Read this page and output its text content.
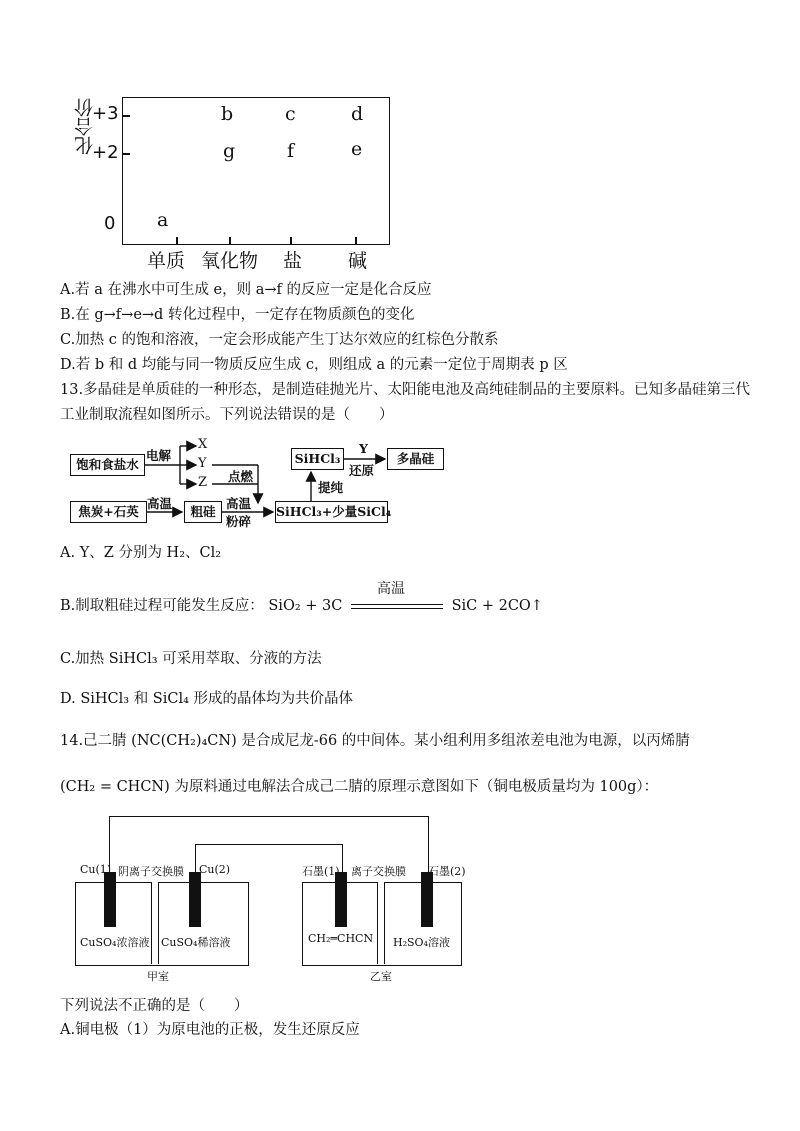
化合价
+3
+2
0
单质 氧化物 盐 碱
b	c	d
g	f	e
a
A.若 a 在沸水中可生成 e，则 a→f 的反应一定是化合反应
B.在 g→f→e→d 转化过程中，一定存在物质颜色的变化
C.加热 c 的饱和溶液，一定会形成能产生丁达尔效应的红棕色分散系
D.若 b 和 d 均能与同一物质反应生成 c，则组成 a 的元素一定位于周期表 p 区
13.多晶硅是单质硅的一种形态，是制造硅抛光片、太阳能电池及高纯硅制品的主要原料。已知多晶硅第三代
工业制取流程如图所示。下列说法错误的是（　　）
饱和食盐水
电解
X
Y
Z 点燃
焦炭+石英
高温
粗硅
高温
粉碎
SiHCl₃+少量SiCl₄
提纯
SiHCl₃
Y
还原
多晶硅
A. Y、Z 分别为 H₂、Cl₂
B.制取粗硅过程可能发生反应： SiO₂ + 3C
高温
SiC + 2CO↑
C.加热 SiHCl₃ 可采用萃取、分液的方法
D. SiHCl₃ 和 SiCl₄ 形成的晶体均为共价晶体
14.己二腈 (NC(CH₂)₄CN) 是合成尼龙-66 的中间体。某小组利用多组浓差电池为电源，以丙烯腈
(CH₂ = CHCN) 为原料通过电解法合成己二腈的原理示意图如下（铜电极质量均为 100g）：
Cu(1) 阴离子交换膜 Cu(2)
CuSO₄浓溶液 CuSO₄稀溶液
甲室
石墨(1) 离子交换膜 石墨(2)
CH₂═CHCN H₂SO₄溶液
乙室
下列说法不正确的是（　　）
A.铜电极（1）为原电池的正极，发生还原反应
